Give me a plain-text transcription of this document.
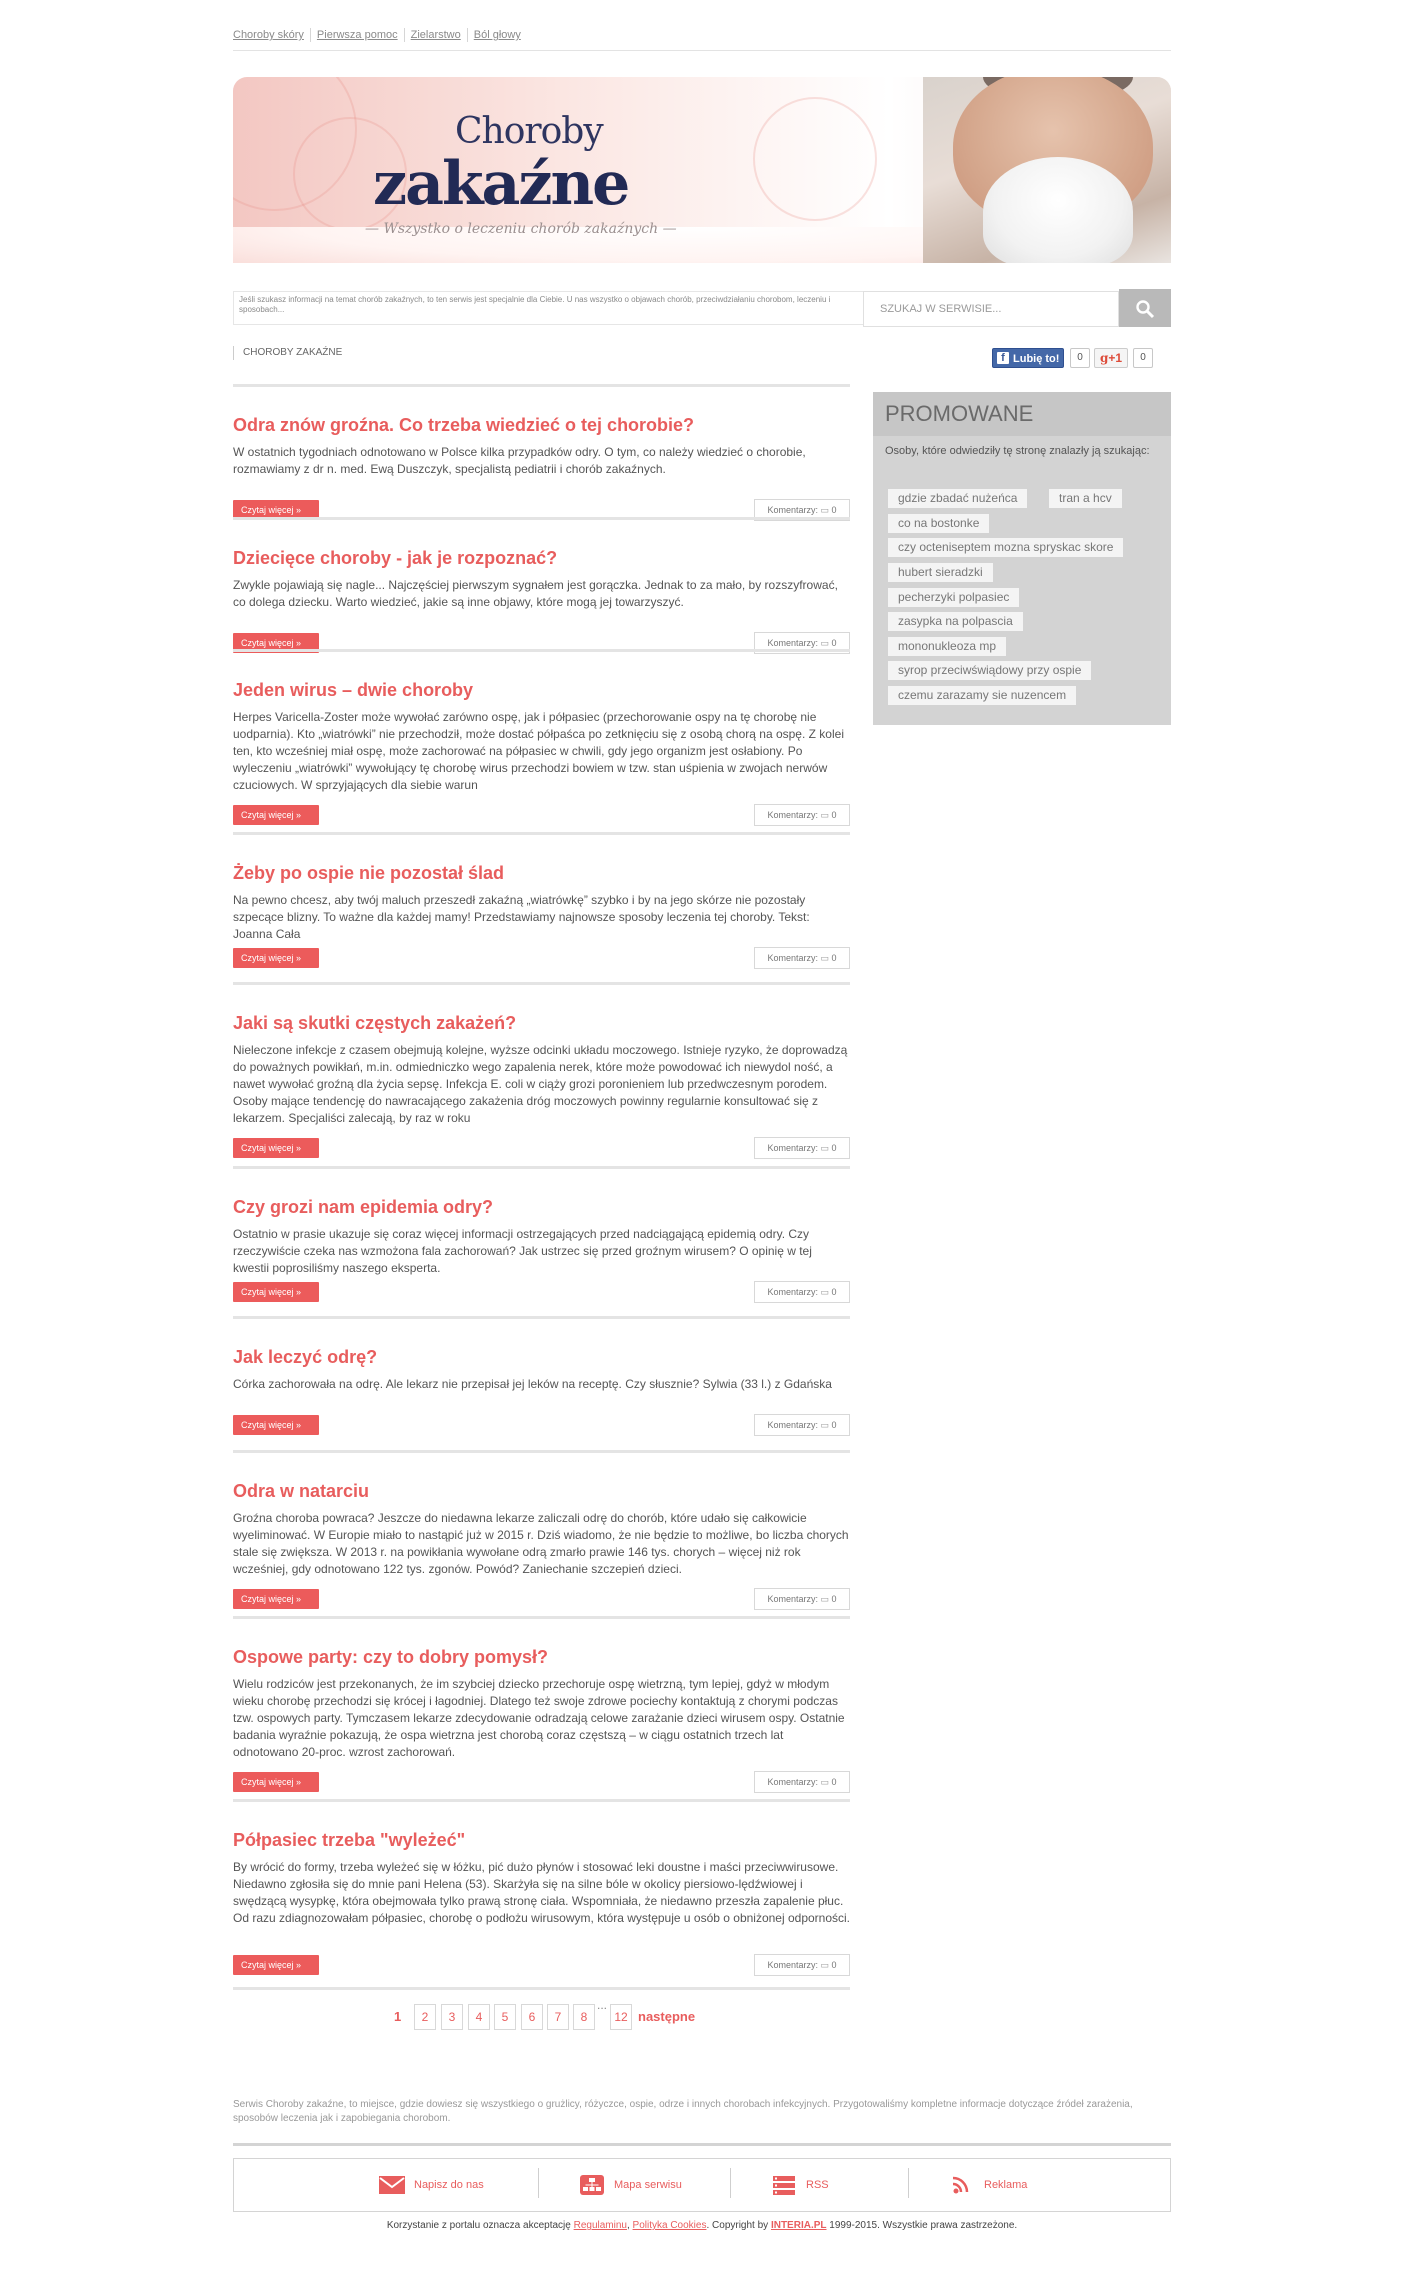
Choroby skóry Pierwsza pomoc Zielarstwo Ból głowy
Choroby
zakaźne
— Wszystko o leczeniu chorób zakaźnych —
Jeśli szukasz informacji na temat chorób zakaźnych, to ten serwis jest specjalnie dla Ciebie. U nas wszystko o objawach chorób, przeciwdziałaniu chorobom, leczeniu i sposobach...	SZUKAJ W SERWISIE...
CHOROBY ZAKAŹNE	f Lubię to!	0	g+1	0
Odra znów groźna. Co trzeba wiedzieć o tej chorobie?
W ostatnich tygodniach odnotowano w Polsce kilka przypadków odry. O tym, co należy wiedzieć o chorobie, rozmawiamy z dr n. med. Ewą Duszczyk, specjalistą pediatrii i chorób zakaźnych.
Czytaj więcej »	Komentarzy: ▭ 0
Dziecięce choroby - jak je rozpoznać?
Zwykle pojawiają się nagle... Najczęściej pierwszym sygnałem jest gorączka. Jednak to za mało, by rozszyfrować, co dolega dziecku. Warto wiedzieć, jakie są inne objawy, które mogą jej towarzyszyć.
Czytaj więcej »	Komentarzy: ▭ 0
Jeden wirus – dwie choroby
Herpes Varicella-Zoster może wywołać zarówno ospę, jak i półpasiec (przechorowanie ospy na tę chorobę nie uodparnia). Kto „wiatrówki” nie przechodził, może dostać półpaśca po zetknięciu się z osobą chorą na ospę. Z kolei ten, kto wcześniej miał ospę, może zachorować na półpasiec w chwili, gdy jego organizm jest osłabiony. Po wyleczeniu „wiatrówki” wywołujący tę chorobę wirus przechodzi bowiem w tzw. stan uśpienia w zwojach nerwów czuciowych. W sprzyjających dla siebie warun
Czytaj więcej »	Komentarzy: ▭ 0
Żeby po ospie nie pozostał ślad
Na pewno chcesz, aby twój maluch przeszedł zakaźną „wiatrówkę” szybko i by na jego skórze nie pozostały szpecące blizny. To ważne dla każdej mamy! Przedstawiamy najnowsze sposoby leczenia tej choroby. Tekst: Joanna Cała
Czytaj więcej »	Komentarzy: ▭ 0
Jaki są skutki częstych zakażeń?
Nieleczone infekcje z czasem obejmują kolejne, wyższe odcinki układu moczowego. Istnieje ryzyko, że doprowadzą do poważnych powikłań, m.in. odmiedniczko wego zapalenia nerek, które może powodować ich niewydol ność, a nawet wywołać groźną dla życia sepsę. Infekcja E. coli w ciąży grozi poronieniem lub przedwczesnym porodem. Osoby mające tendencję do nawracającego zakażenia dróg moczowych powinny regularnie konsultować się z lekarzem. Specjaliści zalecają, by raz w roku
Czytaj więcej »	Komentarzy: ▭ 0
Czy grozi nam epidemia odry?
Ostatnio w prasie ukazuje się coraz więcej informacji ostrzegających przed nadciągającą epidemią odry. Czy rzeczywiście czeka nas wzmożona fala zachorowań? Jak ustrzec się przed groźnym wirusem? O opinię w tej kwestii poprosiliśmy naszego eksperta.
Czytaj więcej »	Komentarzy: ▭ 0
Jak leczyć odrę?
Córka zachorowała na odrę. Ale lekarz nie przepisał jej leków na receptę. Czy słusznie? Sylwia (33 l.) z Gdańska
Czytaj więcej »	Komentarzy: ▭ 0
Odra w natarciu
Groźna choroba powraca? Jeszcze do niedawna lekarze zaliczali odrę do chorób, które udało się całkowicie wyeliminować. W Europie miało to nastąpić już w 2015 r. Dziś wiadomo, że nie będzie to możliwe, bo liczba chorych stale się zwiększa. W 2013 r. na powikłania wywołane odrą zmarło prawie 146 tys. chorych – więcej niż rok wcześniej, gdy odnotowano 122 tys. zgonów. Powód? Zaniechanie szczepień dzieci.
Czytaj więcej »	Komentarzy: ▭ 0
Ospowe party: czy to dobry pomysł?
Wielu rodziców jest przekonanych, że im szybciej dziecko przechoruje ospę wietrzną, tym lepiej, gdyż w młodym wieku chorobę przechodzi się krócej i łagodniej. Dlatego też swoje zdrowe pociechy kontaktują z chorymi podczas tzw. ospowych party. Tymczasem lekarze zdecydowanie odradzają celowe zarażanie dzieci wirusem ospy. Ostatnie badania wyraźnie pokazują, że ospa wietrzna jest chorobą coraz częstszą – w ciągu ostatnich trzech lat odnotowano 20-proc. wzrost zachorowań.
Czytaj więcej »	Komentarzy: ▭ 0
Półpasiec trzeba "wyleżeć"
By wrócić do formy, trzeba wyleżeć się w łóżku, pić dużo płynów i stosować leki doustne i maści przeciwwirusowe. Niedawno zgłosiła się do mnie pani Helena (53). Skarżyła się na silne bóle w okolicy piersiowo-lędźwiowej i swędzącą wysypkę, która obejmowała tylko prawą stronę ciała. Wspomniała, że niedawno przeszła zapalenie płuc. Od razu zdiagnozowałam półpasiec, chorobę o podłożu wirusowym, która występuje u osób o obniżonej odporności.
Czytaj więcej »	Komentarzy: ▭ 0
1	2	3	4	5	6	7	8
...
12 następne
PROMOWANE
Osoby, które odwiedziły tę stronę znalazły ją szukając:
gdzie zbadać nużeńca	tran a hcv
co na bostonke
czy octeniseptem mozna spryskac skore
hubert sieradzki
pecherzyki polpasiec
zasypka na polpascia
mononukleoza mp
syrop przeciwświądowy przy ospie
czemu zarazamy sie nuzencem
Serwis Choroby zakaźne, to miejsce, gdzie dowiesz się wszystkiego o grużlicy, różyczce, ospie, odrze i innych chorobach infekcyjnych. Przygotowaliśmy kompletne informacje dotyczące źródeł zarażenia, sposobów leczenia jak i zapobiegania chorobom.
Napisz do nas	Mapa serwisu	RSS	Reklama
Korzystanie z portalu oznacza akceptację Regulaminu, Polityka Cookies. Copyright by INTERIA.PL 1999-2015. Wszystkie prawa zastrzeżone.
